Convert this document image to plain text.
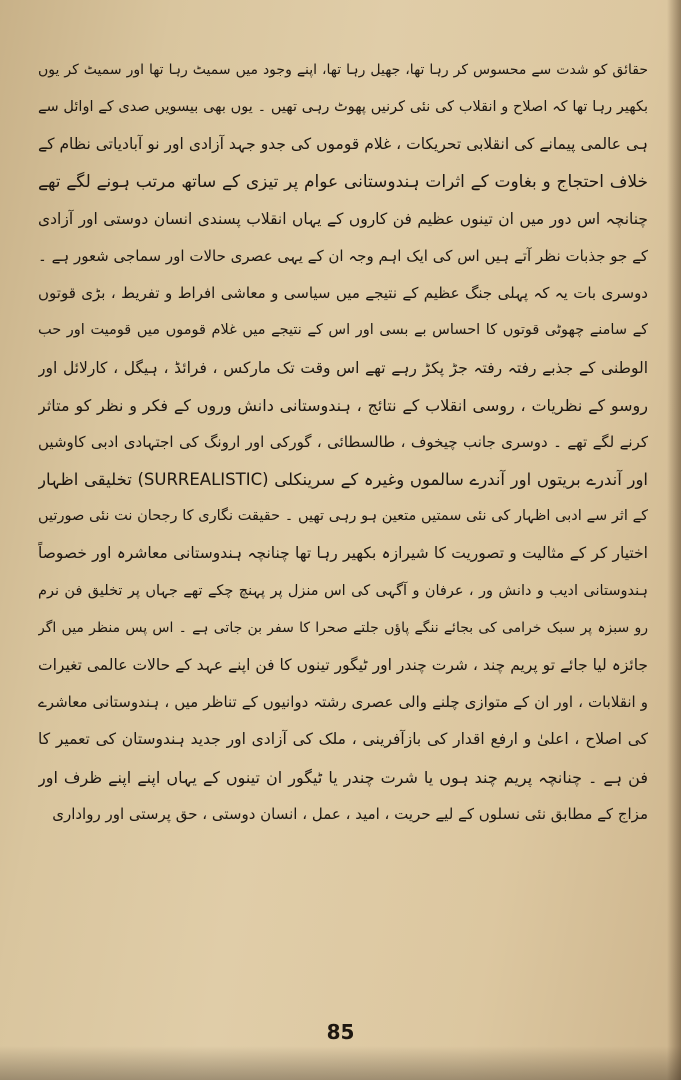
حقائق کو شدت سے محسوس کر رہا تھا، جھیل رہا تھا، اپنے وجود میں سمیٹ رہا تھا اور سمیٹ کر یوں
بکھیر رہا تھا کہ اصلاح و انقلاب کی نئی کرنیں پھوٹ رہی تھیں ۔ یوں بھی بیسویں صدی کے اوائل سے
ہی عالمی پیمانے کی انقلابی تحریکات ، غلام قوموں کی جدو جہد آزادی اور نو آبادیاتی نظام کے
خلاف احتجاج و بغاوت کے اثرات ہندوستانی عوام پر تیزی کے ساتھ مرتب ہونے لگے تھے
چنانچہ اس دور میں ان تینوں عظیم فن کاروں کے یہاں انقلاب پسندی انسان دوستی اور آزادی
کے جو جذبات نظر آتے ہیں اس کی ایک اہم وجہ ان کے یہی عصری حالات اور سماجی شعور ہے ۔
دوسری بات یہ کہ پہلی جنگ عظیم کے نتیجے میں سیاسی و معاشی افراط و تفریط ، بڑی قوتوں
کے سامنے چھوٹی قوتوں کا احساس بے بسی اور اس کے نتیجے میں غلام قوموں میں قومیت اور حب
الوطنی کے جذبے رفتہ رفتہ جڑ پکڑ رہے تھے اس وقت تک مارکس ، فرائڈ ، ہیگل ، کارلائل اور
روسو کے نظریات ، روسی انقلاب کے نتائج ، ہندوستانی دانش وروں کے فکر و نظر کو متاثر
کرنے لگے تھے ۔ دوسری جانب چیخوف ، طالسطائی ، گورکی اور ارونگ کی اجتہادی ادبی کاوشیں
اور آندرے بریتوں اور آندرے سالموں وغیرہ کے سرینکلی (SURREALISTIC) تخلیقی اظہار
کے اثر سے ادبی اظہار کی نئی سمتیں متعین ہو رہی تھیں ۔ حقیقت نگاری کا رجحان نت نئی صورتیں
اختیار کر کے مثالیت و تصوریت کا شیرازہ بکھیر رہا تھا چنانچہ ہندوستانی معاشرہ اور خصوصاً
ہندوستانی ادیب و دانش ور ، عرفان و آگہی کی اس منزل پر پہنچ چکے تھے جہاں پر تخلیق فن نرم
رو سبزہ پر سبک خرامی کی بجائے ننگے پاؤں جلتے صحرا کا سفر بن جاتی ہے ۔ اس پس منظر میں اگر
جائزہ لیا جائے تو پریم چند ، شرت چندر اور ٹیگور تینوں کا فن اپنے عہد کے حالات عالمی تغیرات
و انقلابات ، اور ان کے متوازی چلنے والی عصری رشتہ دوانیوں کے تناظر میں ، ہندوستانی معاشرے
کی اصلاح ، اعلیٰ و ارفع اقدار کی بازآفرینی ، ملک کی آزادی اور جدید ہندوستان کی تعمیر کا
فن ہے ۔ چنانچہ پریم چند ہوں یا شرت چندر یا ٹیگور ان تینوں کے یہاں اپنے اپنے ظرف اور
مزاج کے مطابق نئی نسلوں کے لیے حریت ، امید ، عمل ، انسان دوستی ، حق پرستی اور رواداری
85
